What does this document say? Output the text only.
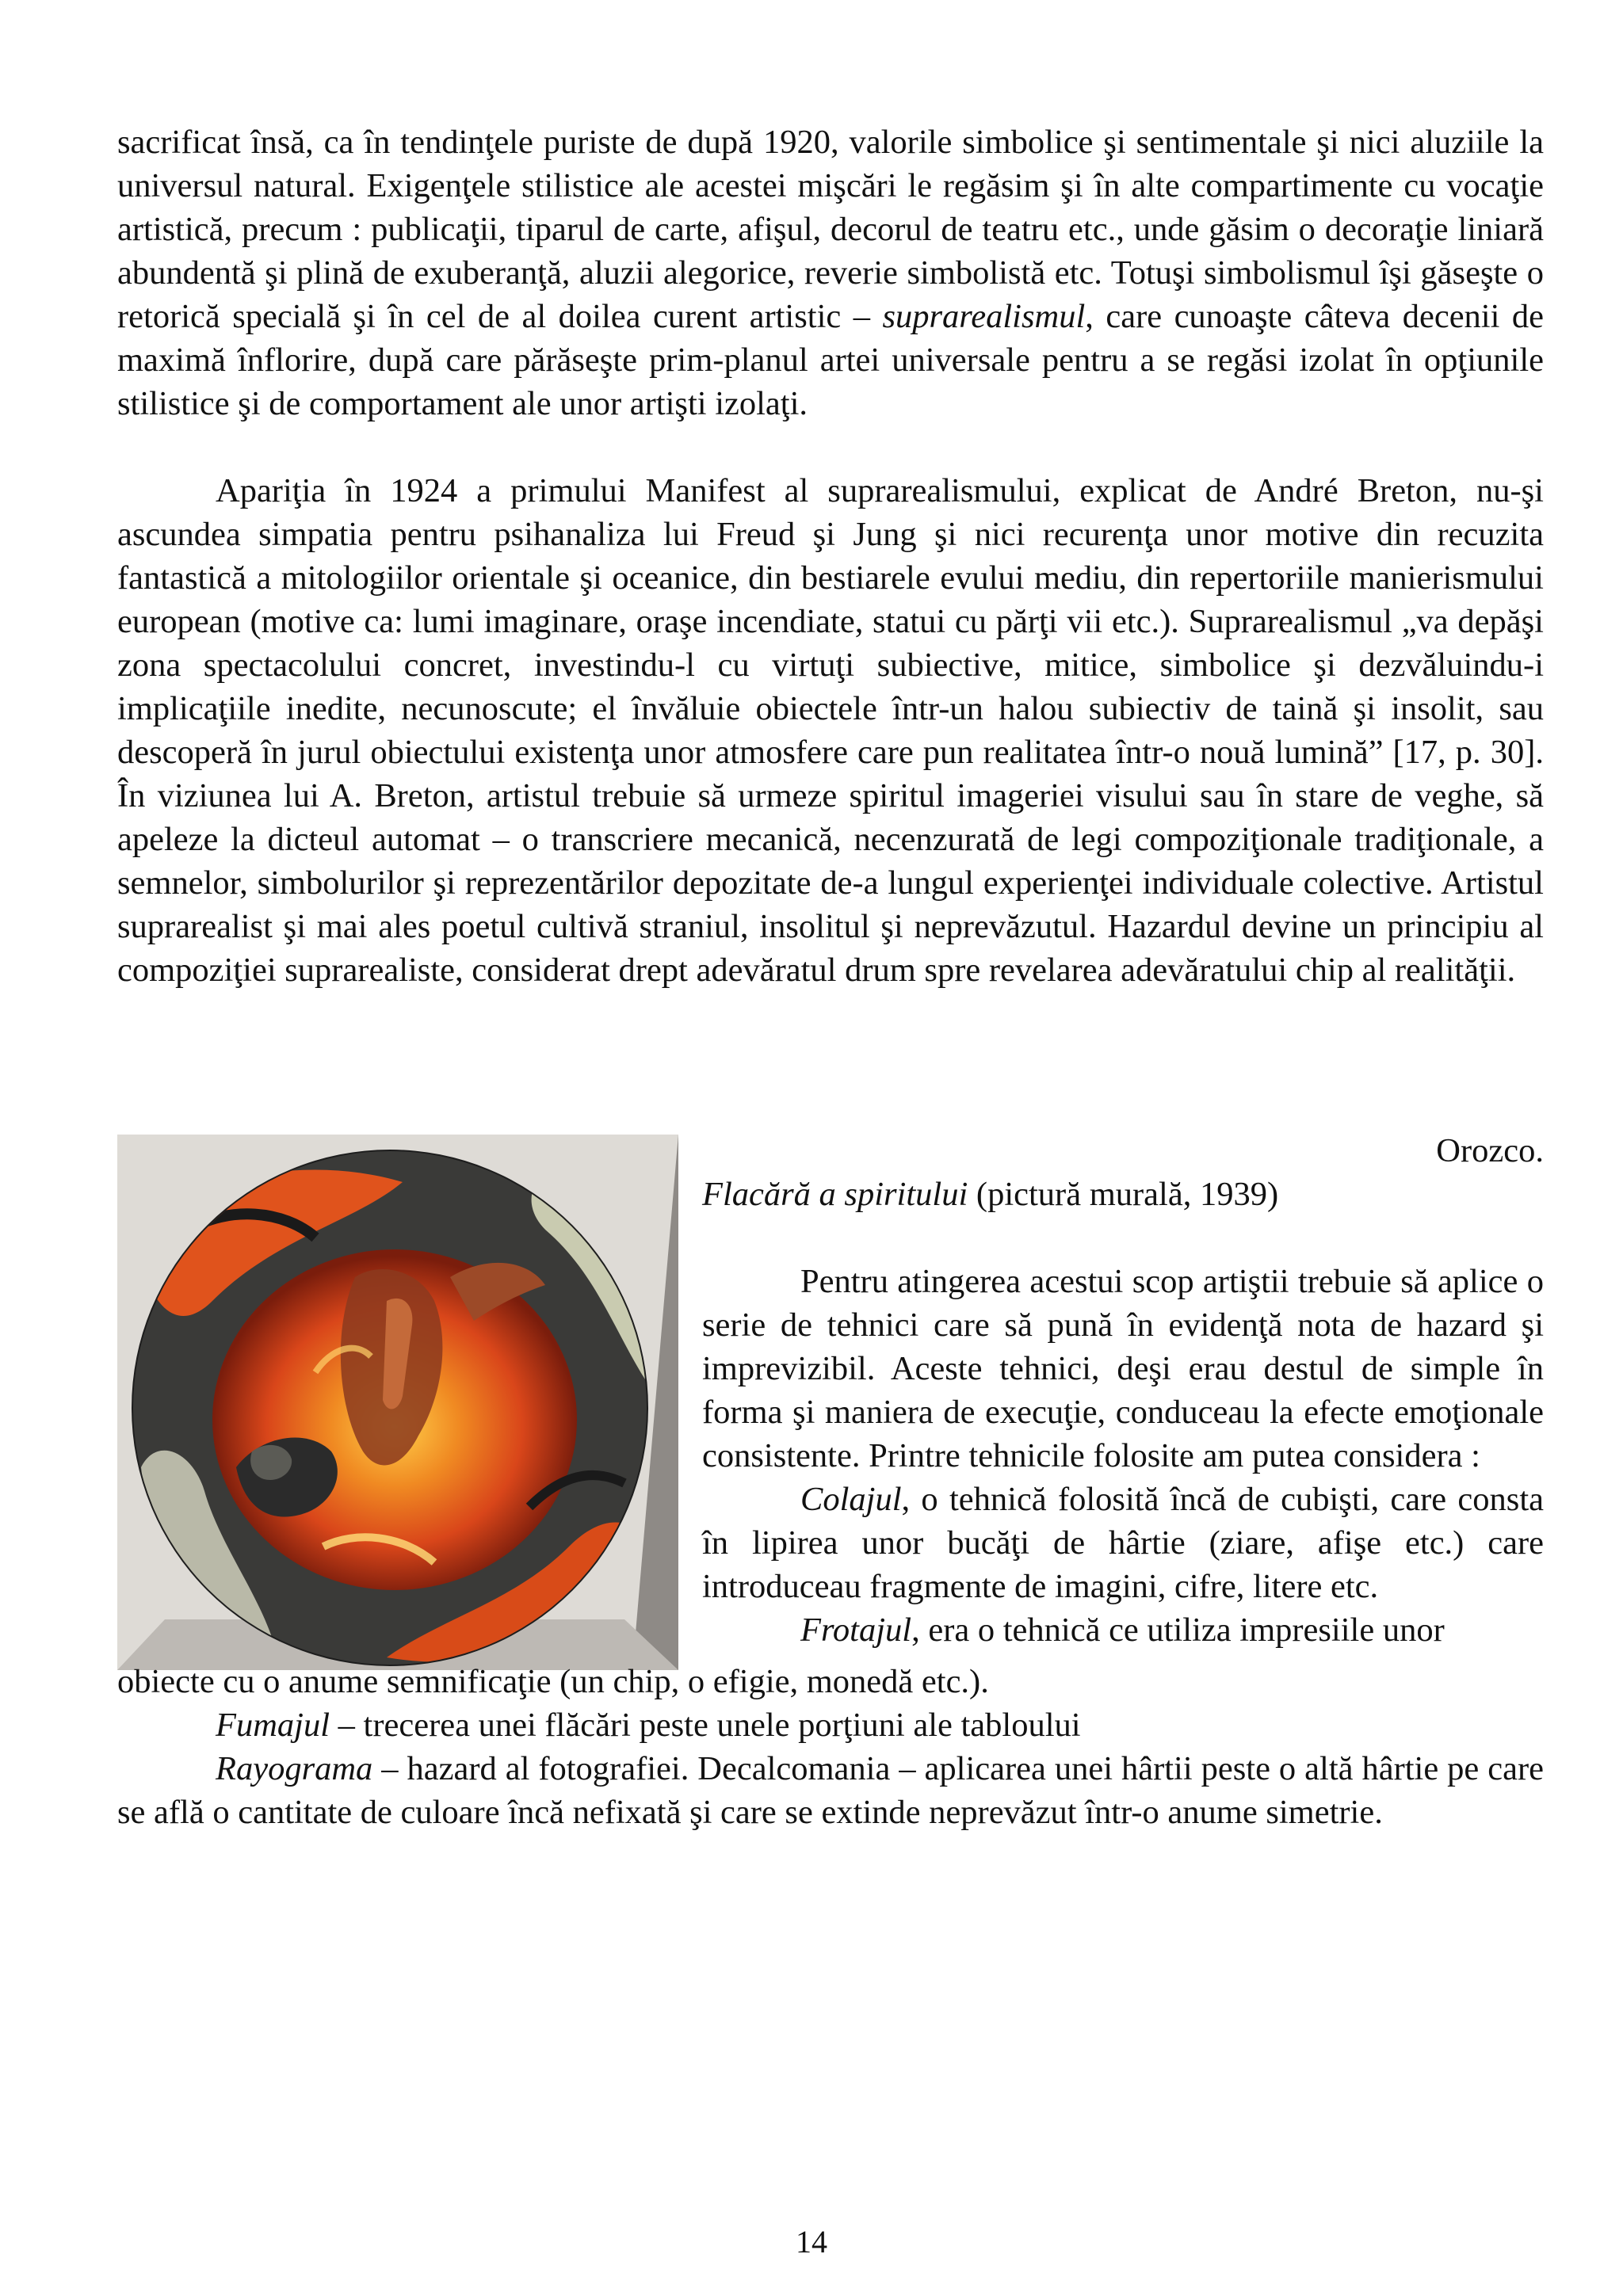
sacrificat însă, ca în tendinţele puriste de după 1920, valorile simbolice şi sentimentale şi nici aluziile la universul natural. Exigenţele stilistice ale acestei mişcări le regăsim şi în alte compartimente cu vocaţie artistică, precum : publicaţii, tiparul de carte, afişul, decorul de teatru etc., unde găsim o decoraţie liniară abundentă şi plină de exuberanţă, aluzii alegorice, reverie simbolistă etc. Totuşi simbolismul îşi găseşte o retorică specială şi în cel de al doilea curent artistic – suprarealismul, care cunoaşte câteva decenii de maximă înflorire, după care părăseşte prim-planul artei universale pentru a se regăsi izolat în opţiunile stilistice şi de comportament ale unor artişti izolaţi.

Apariţia în 1924 a primului Manifest al suprarealismului, explicat de André Breton, nu-şi ascundea simpatia pentru psihanaliza lui Freud şi Jung şi nici recurenţa unor motive din recuzita fantastică a mitologiilor orientale şi oceanice, din bestiarele evului mediu, din repertoriile manierismului european (motive ca: lumi imaginare, oraşe incendiate, statui cu părţi vii etc.). Suprarealismul „va depăşi zona spectacolului concret, investindu-l cu virtuţi subiective, mitice, simbolice şi dezvăluindu-i implicaţiile inedite, necunoscute; el învăluie obiectele într-un halou subiectiv de taină şi insolit, sau descoperă în jurul obiectului existenţa unor atmosfere care pun realitatea într-o nouă lumină” [17, p. 30]. În viziunea lui A. Breton, artistul trebuie să urmeze spiritul imageriei visului sau în stare de veghe, să apeleze la dicteul automat – o transcriere mecanică, necenzurată de legi compoziţionale tradiţionale, a semnelor, simbolurilor şi reprezentărilor depozitate de-a lungul experienţei individuale colective. Artistul suprarealist şi mai ales poetul cultivă straniul, insolitul şi neprevăzutul. Hazardul devine un principiu al compoziţiei suprarealiste, considerat drept adevăratul drum spre revelarea adevăratului chip al realităţii.

Orozco.

Flacără a spiritului (pictură murală, 1939)

Pentru atingerea acestui scop artiştii trebuie să aplice o serie de tehnici care să pună în evidenţă nota de hazard şi imprevizibil. Aceste tehnici, deşi erau destul de simple în forma şi maniera de execuţie, conduceau la efecte emoţionale consistente. Printre tehnicile folosite am putea considera :

Colajul, o tehnică folosită încă de cubişti, care consta în lipirea unor bucăţi de hârtie (ziare, afişe etc.) care introduceau fragmente de imagini, cifre, litere etc.

Frotajul, era o tehnică ce utiliza impresiile unor

obiecte cu o anume semnificaţie (un chip, o efigie, monedă etc.).

Fumajul – trecerea unei flăcări peste unele porţiuni ale tabloului

Rayograma – hazard al fotografiei. Decalcomania – aplicarea unei hârtii peste o altă hârtie pe care se află o cantitate de culoare încă nefixată şi care se extinde neprevăzut într-o anume simetrie.

14
